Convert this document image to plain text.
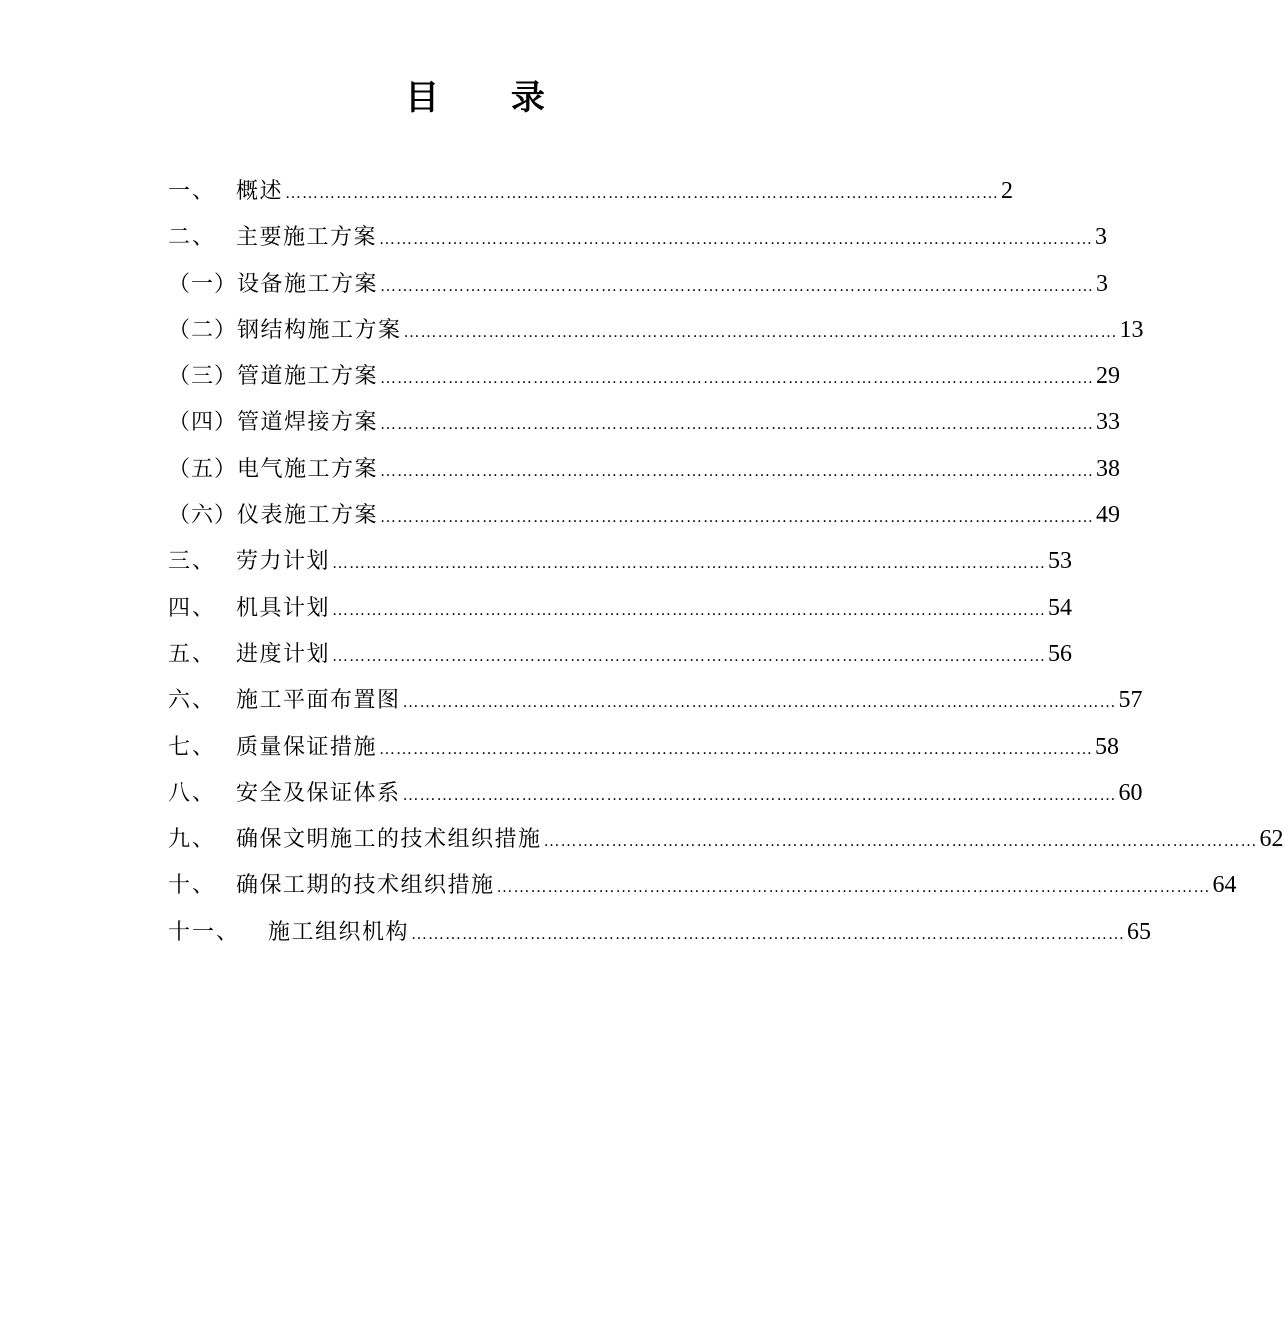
目 录
一、 概述 ……………………………………………………………………………………………………………… 2
二、 主要施工方案 ……………………………………………………………………………………………………………… 3
（一） 设备施工方案 ……………………………………………………………………………………………………………… 3
（二） 钢结构施工方案 ……………………………………………………………………………………………………………… 13
（三） 管道施工方案 ……………………………………………………………………………………………………………… 29
（四） 管道焊接方案 ……………………………………………………………………………………………………………… 33
（五） 电气施工方案 ……………………………………………………………………………………………………………… 38
（六） 仪表施工方案 ……………………………………………………………………………………………………………… 49
三、 劳力计划 ……………………………………………………………………………………………………………… 53
四、 机具计划 ……………………………………………………………………………………………………………… 54
五、 进度计划 ……………………………………………………………………………………………………………… 56
六、 施工平面布置图 ……………………………………………………………………………………………………………… 57
七、 质量保证措施 ……………………………………………………………………………………………………………… 58
八、 安全及保证体系 ……………………………………………………………………………………………………………… 60
九、 确保文明施工的技术组织措施 ……………………………………………………………………………………………………………… 62
十、 确保工期的技术组织措施 ……………………………………………………………………………………………………………… 64
十一、	施工组织机构 ……………………………………………………………………………………………………………… 65
